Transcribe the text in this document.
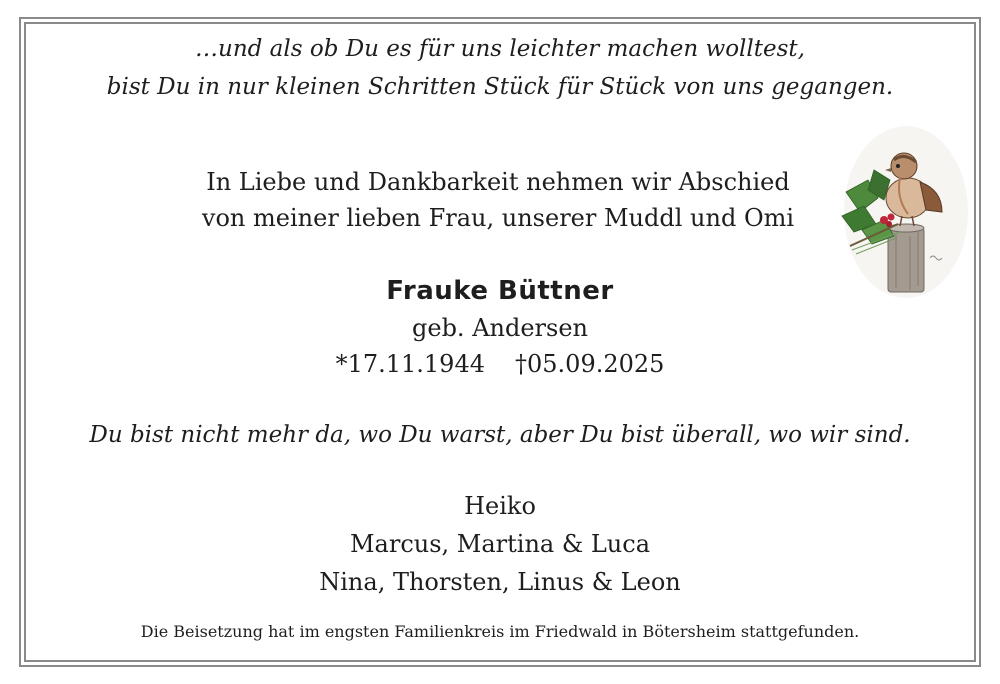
…und als ob Du es für uns leichter machen wolltest,
bist Du in nur kleinen Schritten Stück für Stück von uns gegangen.
In Liebe und Dankbarkeit nehmen wir Abschied
von meiner lieben Frau, unserer Muddl und Omi
Frauke Büttner
geb. Andersen
*17.11.1944 †05.09.2025
Du bist nicht mehr da, wo Du warst, aber Du bist überall, wo wir sind.
Heiko
Marcus, Martina & Luca
Nina, Thorsten, Linus & Leon
Die Beisetzung hat im engsten Familienkreis im Friedwald in Bötersheim stattgefunden.
